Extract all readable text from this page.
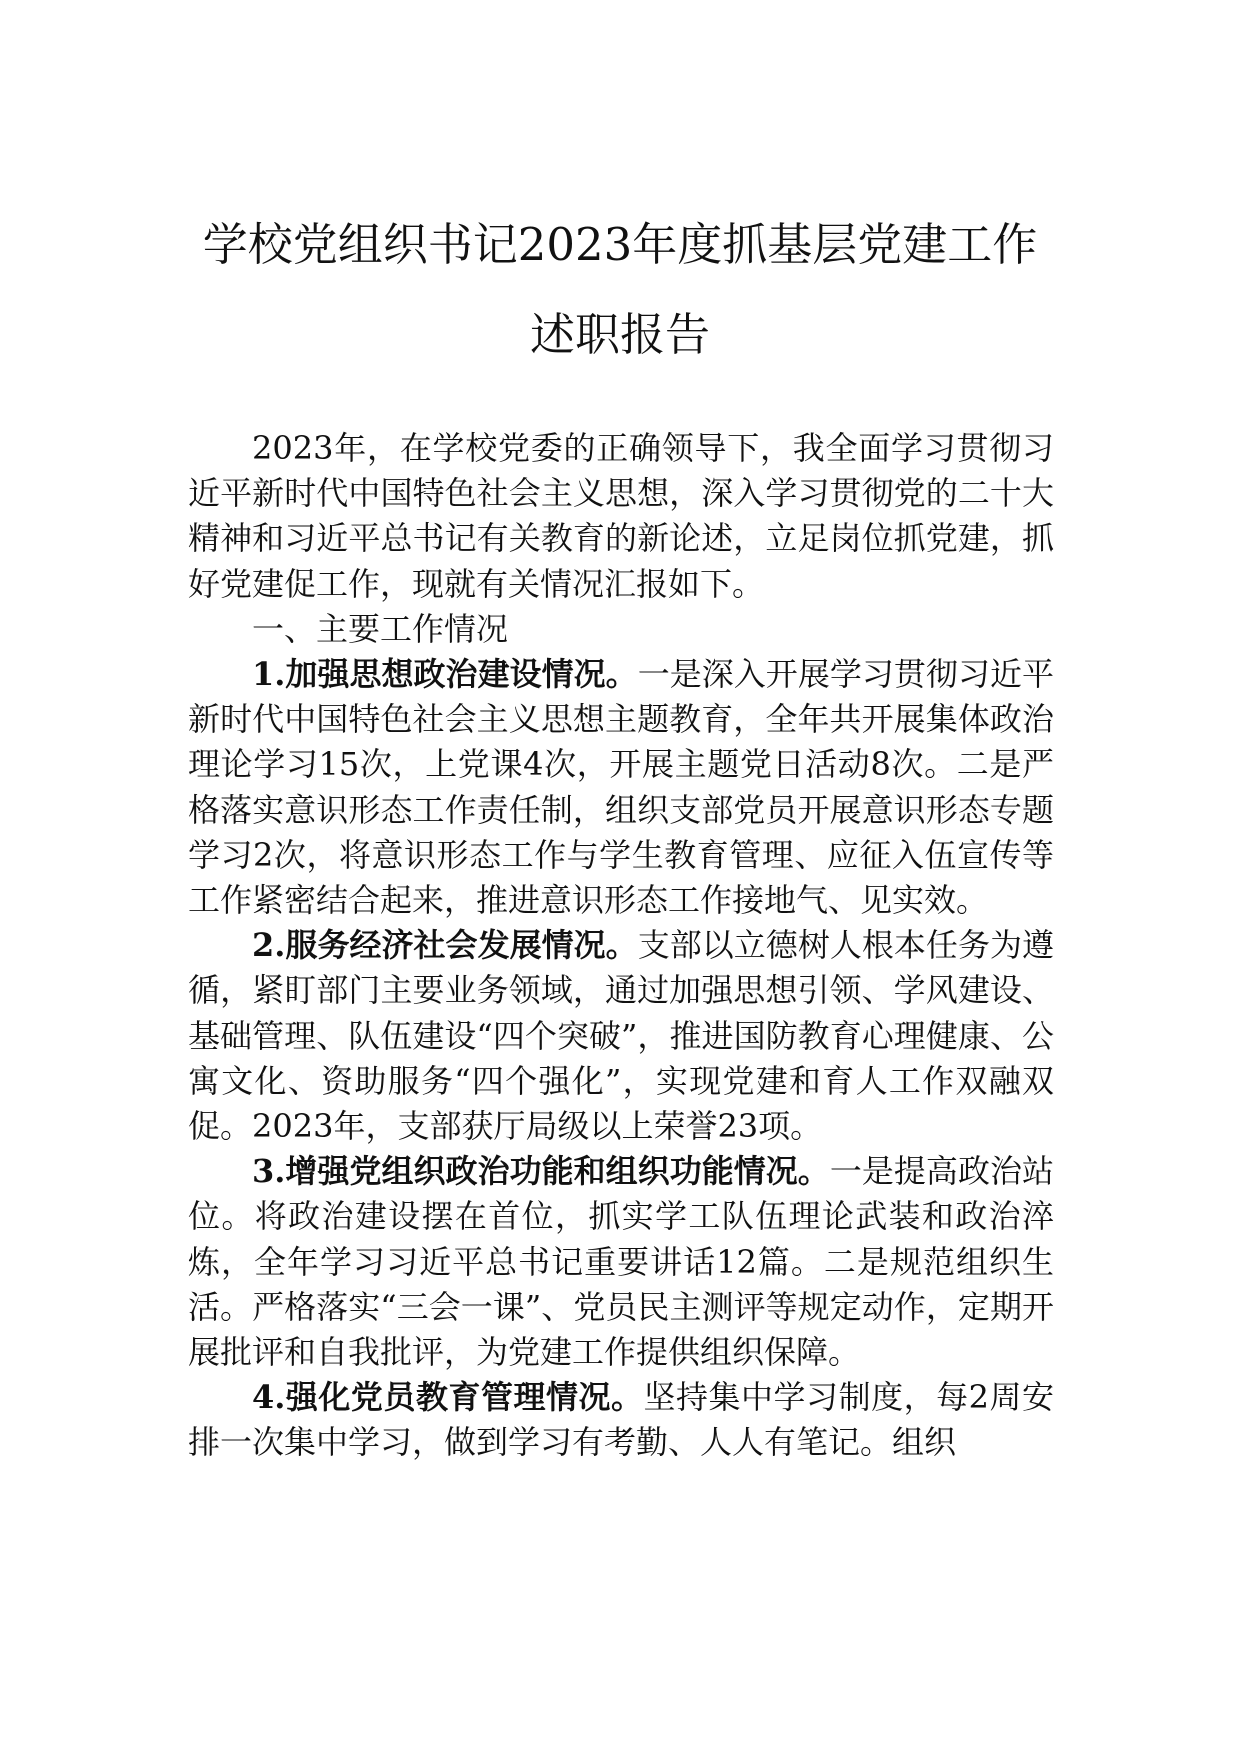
学校党组织书记2023年度抓基层党建工作
述职报告

2023年，在学校党委的正确领导下，我全面学习贯彻习近平新时代中国特色社会主义思想，深入学习贯彻党的二十大精神和习近平总书记有关教育的新论述，立足岗位抓党建，抓好党建促工作，现就有关情况汇报如下。

一、主要工作情况

1.加强思想政治建设情况。一是深入开展学习贯彻习近平新时代中国特色社会主义思想主题教育，全年共开展集体政治理论学习15次，上党课4次，开展主题党日活动8次。二是严格落实意识形态工作责任制，组织支部党员开展意识形态专题学习2次，将意识形态工作与学生教育管理、应征入伍宣传等工作紧密结合起来，推进意识形态工作接地气、见实效。

2.服务经济社会发展情况。支部以立德树人根本任务为遵循，紧盯部门主要业务领域，通过加强思想引领、学风建设、基础管理、队伍建设“四个突破”，推进国防教育心理健康、公寓文化、资助服务“四个强化”，实现党建和育人工作双融双促。2023年，支部获厅局级以上荣誉23项。

3.增强党组织政治功能和组织功能情况。一是提高政治站位。将政治建设摆在首位，抓实学工队伍理论武装和政治淬炼，全年学习习近平总书记重要讲话12篇。二是规范组织生活。严格落实“三会一课”、党员民主测评等规定动作，定期开展批评和自我批评，为党建工作提供组织保障。

4.强化党员教育管理情况。坚持集中学习制度，每2周安排一次集中学习，做到学习有考勤、人人有笔记。组织
